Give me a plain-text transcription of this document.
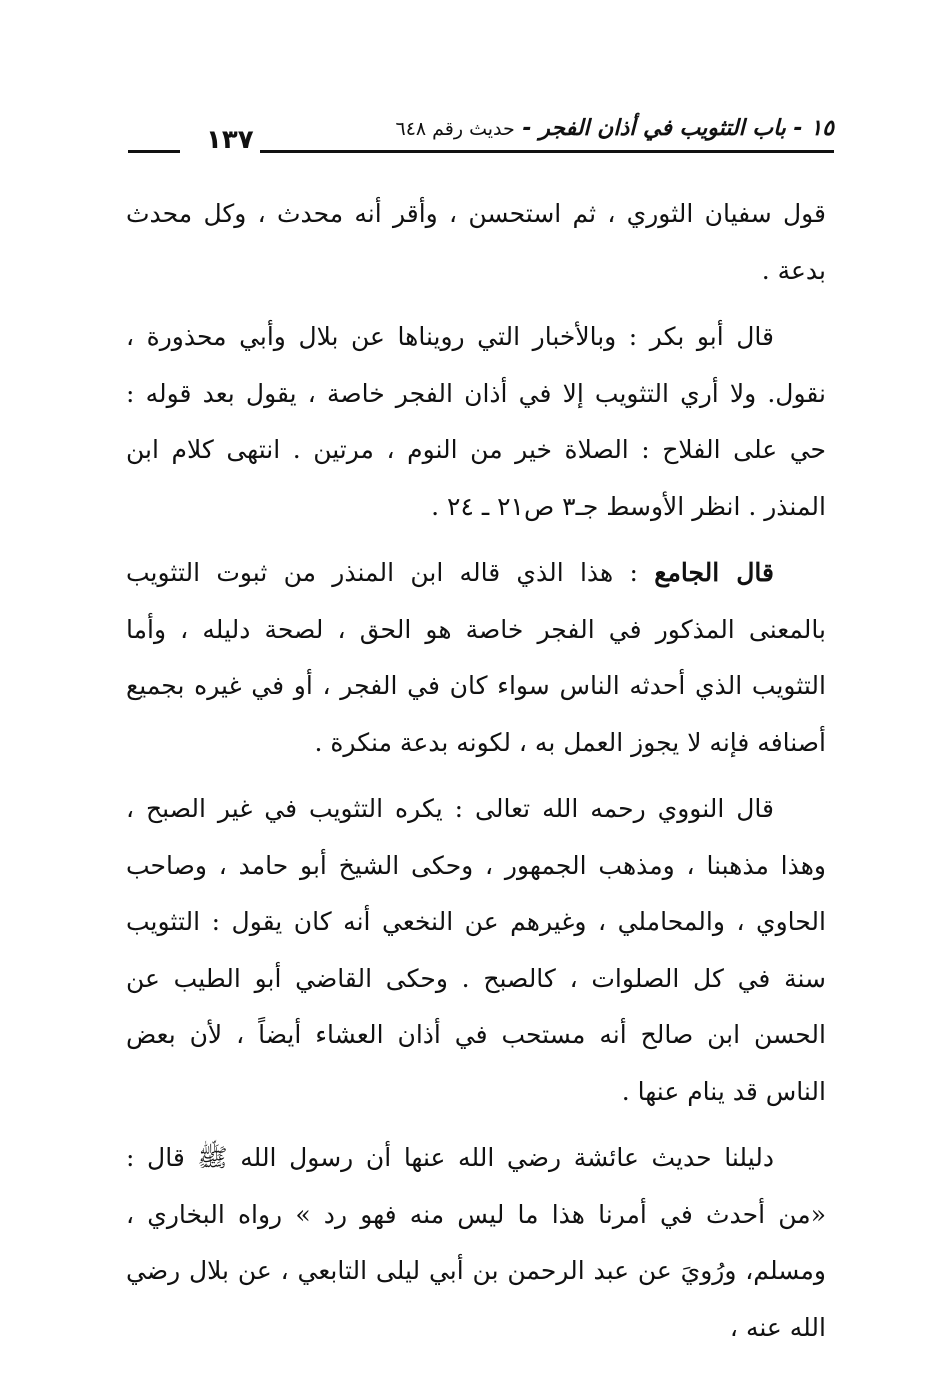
١٥ - باب التثويب في أذان الفجر - حديث رقم ٦٤٨
١٣٧

قول سفيان الثوري ، ثم استحسن ، وأقر أنه محدث ، وكل محدث بدعة .

قال أبو بكر : وبالأخبار التي رويناها عن بلال وأبي محذورة ، نقول. ولا أري التثويب إلا في أذان الفجر خاصة ، يقول بعد قوله : حي على الفلاح : الصلاة خير من النوم ، مرتين . انتهى كلام ابن المنذر . انظر الأوسط جـ٣ ص٢١ ـ ٢٤ .

قال الجامع : هذا الذي قاله ابن المنذر من ثبوت التثويب بالمعنى المذكور في الفجر خاصة هو الحق ، لصحة دليله ، وأما التثويب الذي أحدثه الناس سواء كان في الفجر ، أو في غيره بجميع أصنافه فإنه لا يجوز العمل به ، لكونه بدعة منكرة .

قال النووي رحمه الله تعالى : يكره التثويب في غير الصبح ، وهذا مذهبنا ، ومذهب الجمهور ، وحكى الشيخ أبو حامد ، وصاحب الحاوي ، والمحاملي ، وغيرهم عن النخعي أنه كان يقول : التثويب سنة في كل الصلوات ، كالصبح . وحكى القاضي أبو الطيب عن الحسن ابن صالح أنه مستحب في أذان العشاء أيضاً ، لأن بعض الناس قد ينام عنها .

دليلنا حديث عائشة رضي الله عنها أن رسول الله ﷺ قال : «من أحدث في أمرنا هذا ما ليس منه فهو رد » رواه البخاري ، ومسلم، ورُويَ عن عبد الرحمن بن أبي ليلى التابعي ، عن بلال رضي الله عنه ،
